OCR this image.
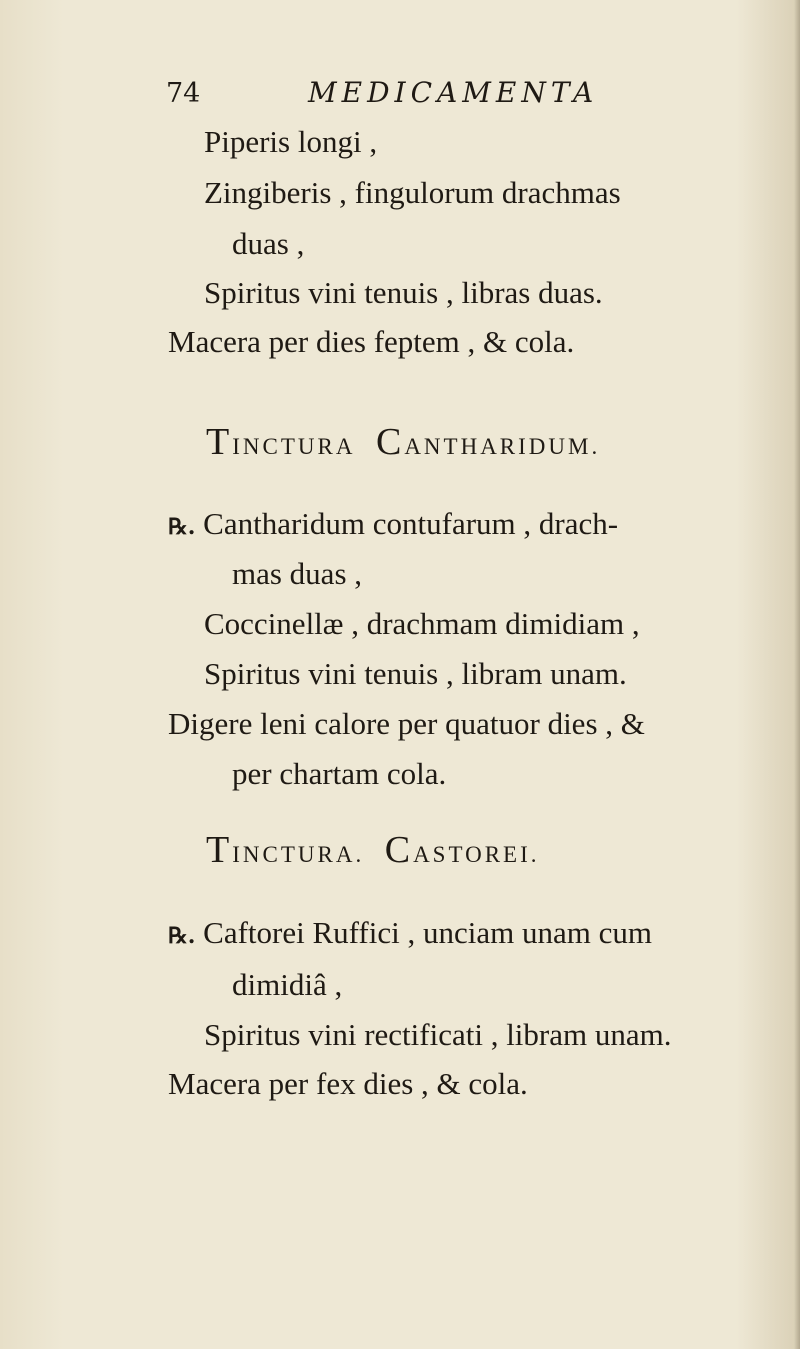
74	MEDICAMENTA
Piperis longi ,
Zingiberis , fingulorum drachmas
duas ,
Spiritus vini tenuis , libras duas.
Macera per dies feptem , & cola.
TINCTURA CANTHARIDUM.
℞. Cantharidum contufarum , drach-
mas duas ,
Coccinellæ , drachmam dimidiam ,
Spiritus vini tenuis , libram unam.
Digere leni calore per quatuor dies , &
per chartam cola.
TINCTURA. CASTOREI.
℞. Caftorei Ruffici , unciam unam cum
dimidiâ ,
Spiritus vini rectificati , libram unam.
Macera per fex dies , & cola.
